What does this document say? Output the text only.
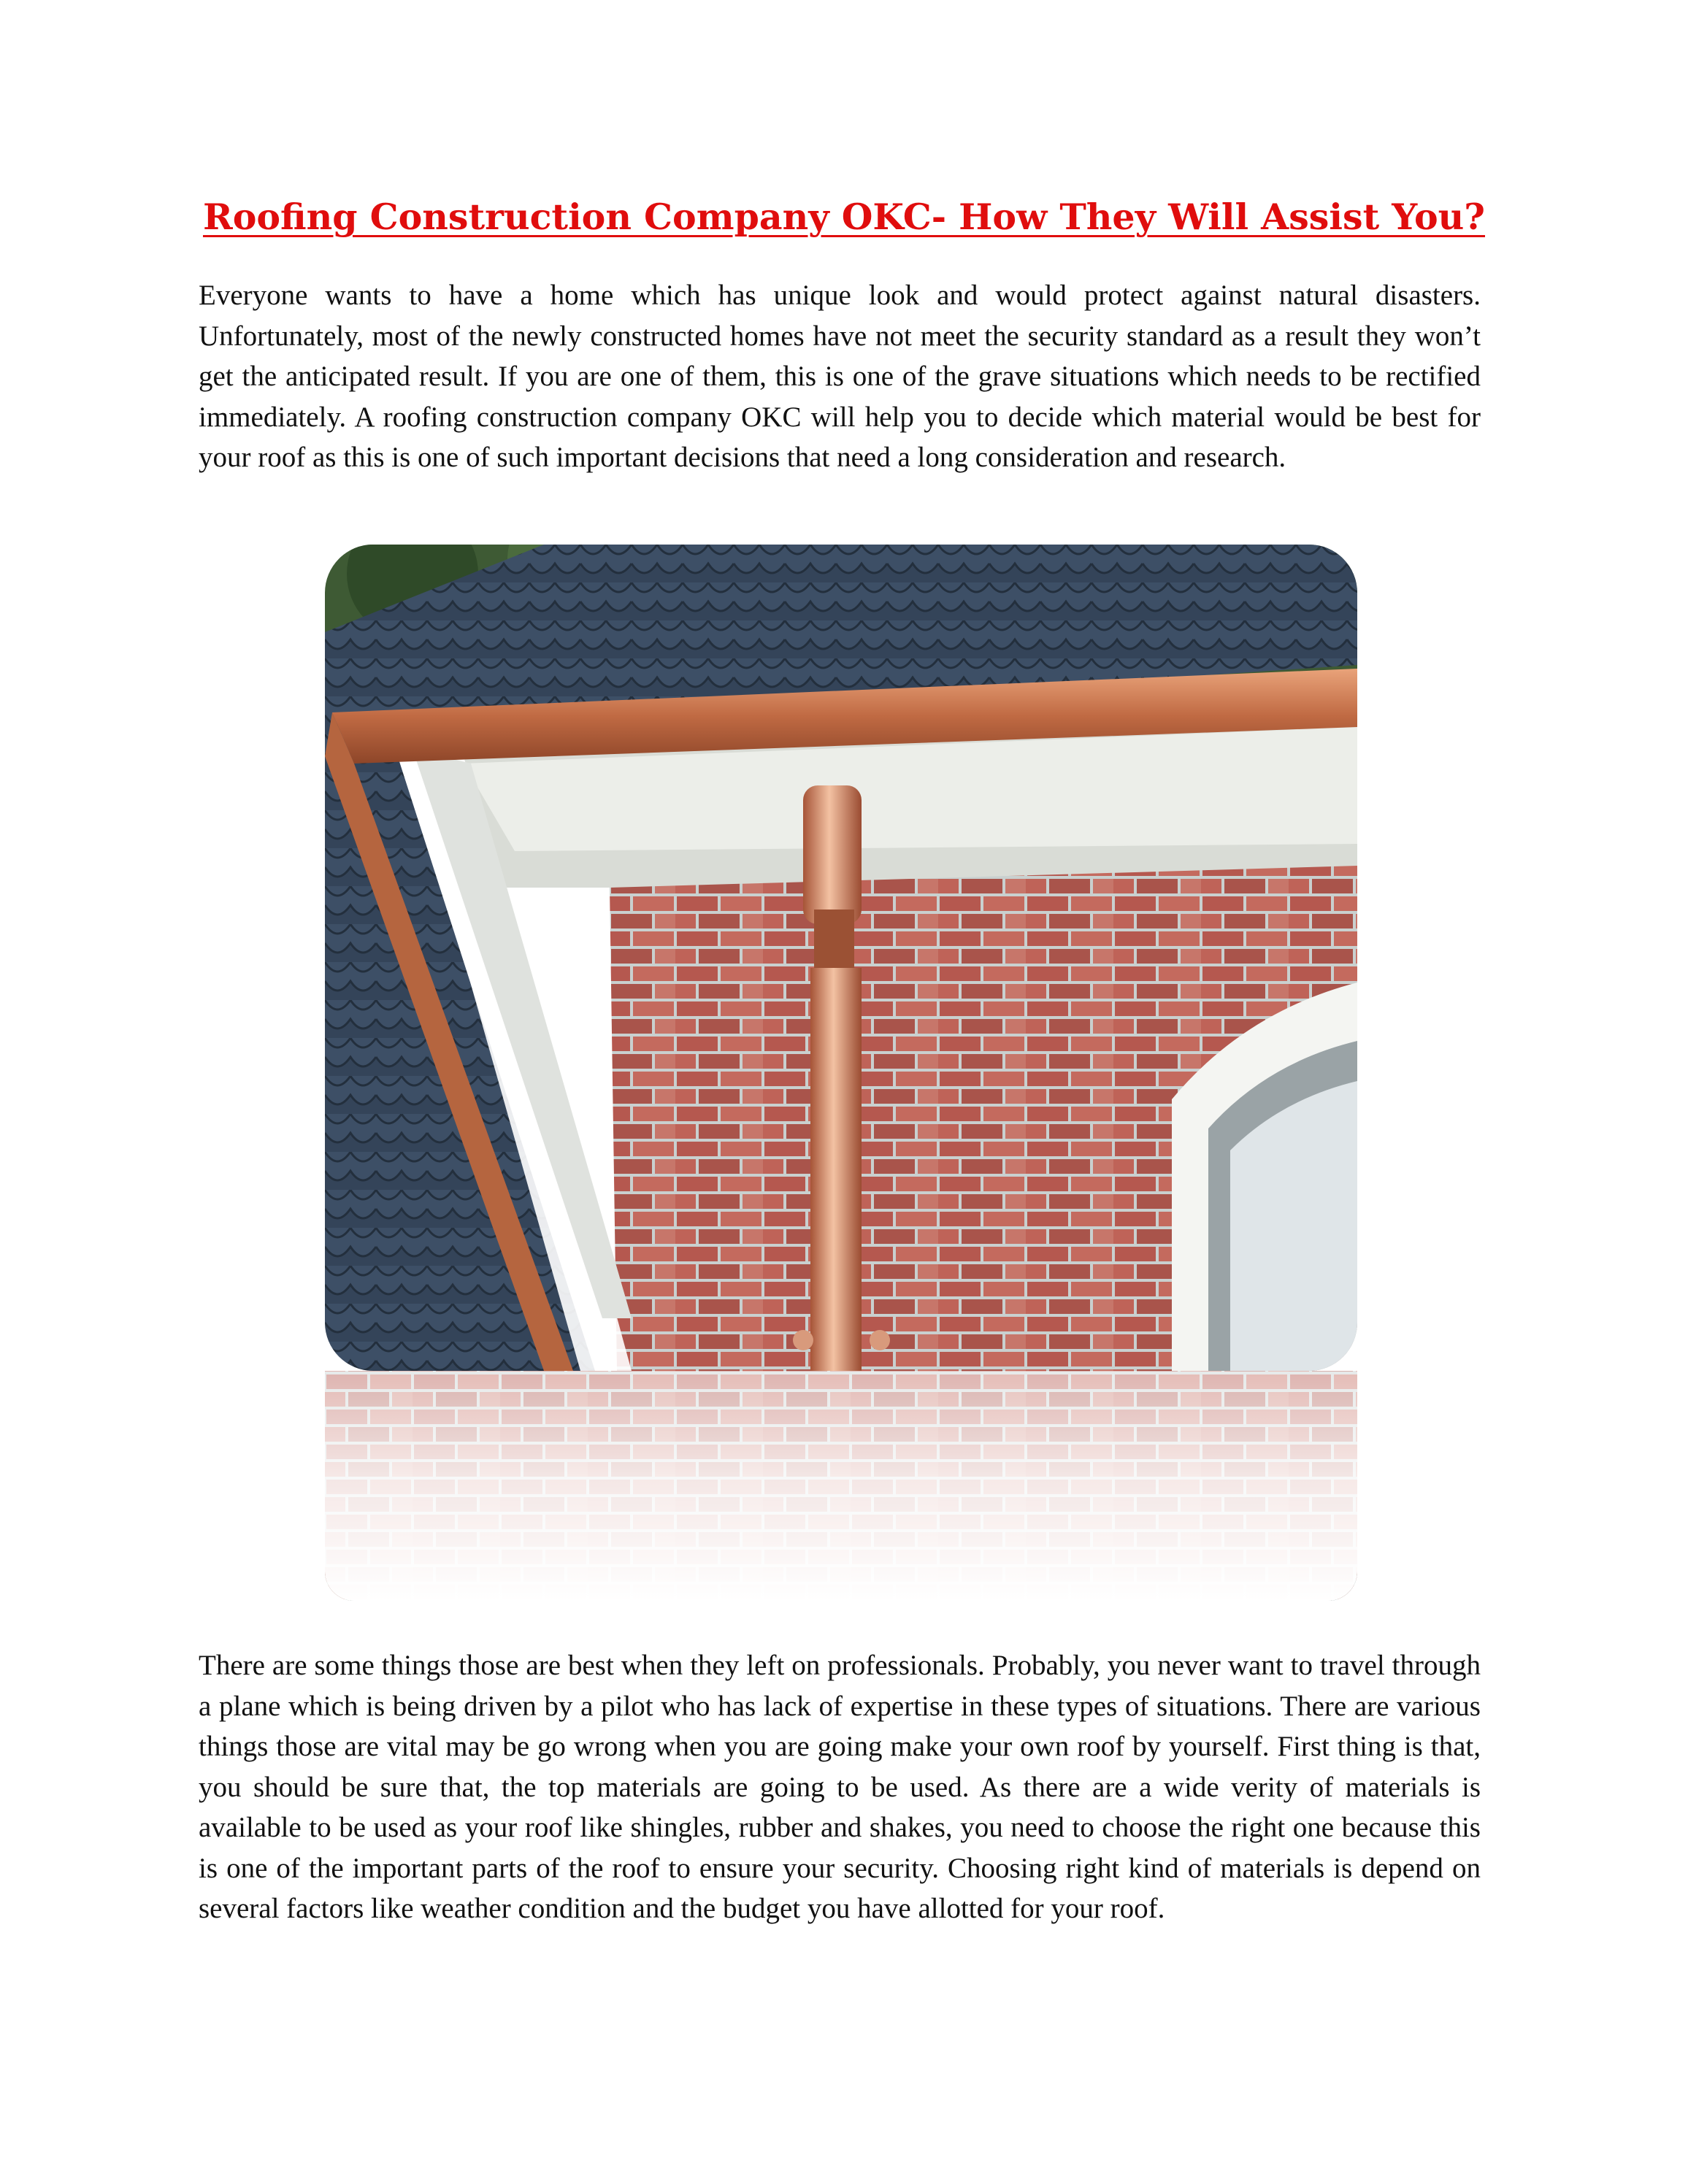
Roofing Construction Company OKC- How They Will Assist You?

Everyone wants to have a home which has unique look and would protect against natural disasters. Unfortunately, most of the newly constructed homes have not meet the security standard as a result they won’t get the anticipated result. If you are one of them, this is one of the grave situations which needs to be rectified immediately. A roofing construction company OKC will help you to decide which material would be best for your roof as this is one of such important decisions that need a long consideration and research.

There are some things those are best when they left on professionals. Probably, you never want to travel through a plane which is being driven by a pilot who has lack of expertise in these types of situations. There are various things those are vital may be go wrong when you are going make your own roof by yourself. First thing is that, you should be sure that, the top materials are going to be used. As there are a wide verity of materials is available to be used as your roof like shingles, rubber and shakes, you need to choose the right one because this is one of the important parts of the roof to ensure your security. Choosing right kind of materials is depend on several factors like weather condition and the budget you have allotted for your roof.
